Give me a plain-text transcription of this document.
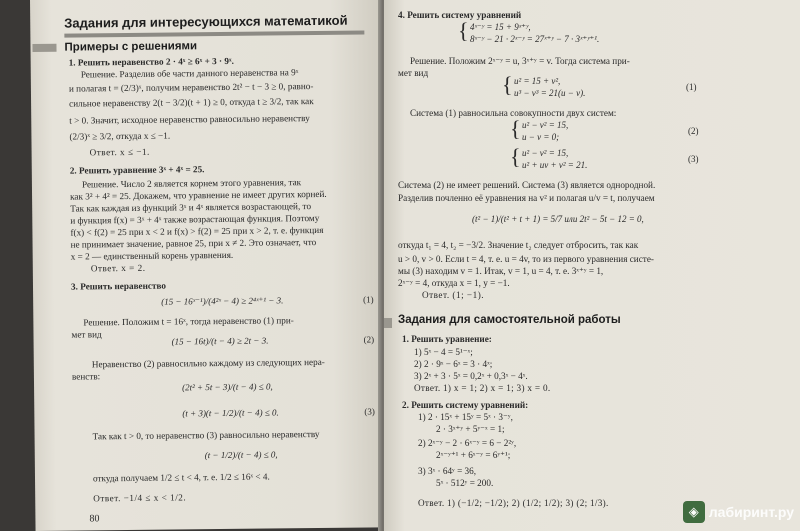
Задания для интересующихся математикой
Примеры с решениями
1. Решить неравенство 2 · 4ˣ ≥ 6ˣ + 3 · 9ˣ.
Решение. Разделив обе части данного неравенства на 9ˣ
и полагая t = (2/3)ˣ, получим неравенство 2t² − t − 3 ≥ 0, равно-
сильное неравенству 2(t − 3/2)(t + 1) ≥ 0, откуда t ≥ 3/2, так как
t > 0. Значит, исходное неравенство равносильно неравенству
(2/3)ˣ ≥ 3/2, откуда x ≤ −1.
Ответ. x ≤ −1.
2. Решить уравнение 3ˣ + 4ˣ = 25.
Решение. Число 2 является корнем этого уравнения, так
как 3² + 4² = 25. Докажем, что уравнение не имеет других корней.
Так как каждая из функций 3ˣ и 4ˣ является возрастающей, то
и функция f(x) = 3ˣ + 4ˣ также возрастающая функция. Поэтому
f(x) < f(2) = 25 при x < 2 и f(x) > f(2) = 25 при x > 2, т. е. функция
не принимает значение, равное 25, при x ≠ 2. Это означает, что
x = 2 — единственный корень уравнения.
Ответ. x = 2.
3. Решить неравенство
(15 − 16ˣ⁻¹)/(4²ˣ − 4) ≥ 2⁴ˣ⁺¹ − 3.	(1)
Решение. Положим t = 16ˣ, тогда неравенство (1) при-
мет вид
(15 − 16t)/(t − 4) ≥ 2t − 3.	(2)
Неравенство (2) равносильно каждому из следующих нера-
венств:
(2t² + 5t − 3)/(t − 4) ≤ 0,
(t + 3)(t − 1/2)/(t − 4) ≤ 0.	(3)
Так как t > 0, то неравенство (3) равносильно неравенству
(t − 1/2)/(t − 4) ≤ 0,
откуда получаем 1/2 ≤ t < 4, т. е. 1/2 ≤ 16ˣ < 4.
Ответ. −1/4 ≤ x < 1/2.
80
4. Решить систему уравнений
{ 4ˣ⁻ʸ = 15 + 9ˣ⁺ʸ,
8ˣ⁻ʸ − 21 · 2ˣ⁻ʸ = 27ˣ⁺ʸ − 7 · 3ˣ⁺ʸ⁺¹.
Решение. Положим 2ˣ⁻ʸ = u, 3ˣ⁺ʸ = v. Тогда система при-
мет вид	{ u² = 15 + v²,
u³ − v³ = 21(u − v).
(1)
Система (1) равносильна совокупности двух систем:
{ u² − v² = 15,
u − v = 0;
(2)
{ u² − v² = 15,
u² + uv + v² = 21.
(3)
Система (2) не имеет решений. Система (3) является однородной.
Разделив почленно её уравнения на v² и полагая u/v = t, получаем
(t² − 1)/(t² + t + 1) = 5/7 или 2t² − 5t − 12 = 0,
откуда t₁ = 4, t₂ = −3/2. Значение t₂ следует отбросить, так как
u > 0, v > 0. Если t = 4, т. е. u = 4v, то из первого уравнения систе-
мы (3) находим v = 1. Итак, v = 1, u = 4, т. е. 3ˣ⁺ʸ = 1,
2ˣ⁻ʸ = 4, откуда x = 1, y = −1.
Ответ. (1; −1).
Задания для самостоятельной работы
1. Решить уравнение:
1) 5ˣ − 4 = 5¹⁻ˣ;
2) 2 · 9ˣ − 6ˣ = 3 · 4ˣ;
3) 2ˣ + 3 · 5ˣ = 0,2ˣ + 0,3ˣ − 4ˣ.
Ответ. 1) x = 1; 2) x = 1; 3) x = 0.
2. Решить систему уравнений:
1) 2 · 15ˣ + 15ʸ = 5ˣ · 3⁻ʸ,
2 · 3ˣ⁺ʸ + 5ʸ⁻ˣ = 1;
2) 2ˣ⁻ʸ − 2 · 6ˣ⁻ʸ = 6 − 2²ʸ,
2ˣ⁻ʸ⁺¹ + 6ˣ⁻ʸ = 6ʸ⁺¹;
3) 3ˣ · 64ʸ = 36,
5ˣ · 512ʸ = 200.
Ответ. 1) (−1/2; −1/2); 2) (1/2; 1/2); 3) (2; 1/3).
◈ лабиринт.ру
